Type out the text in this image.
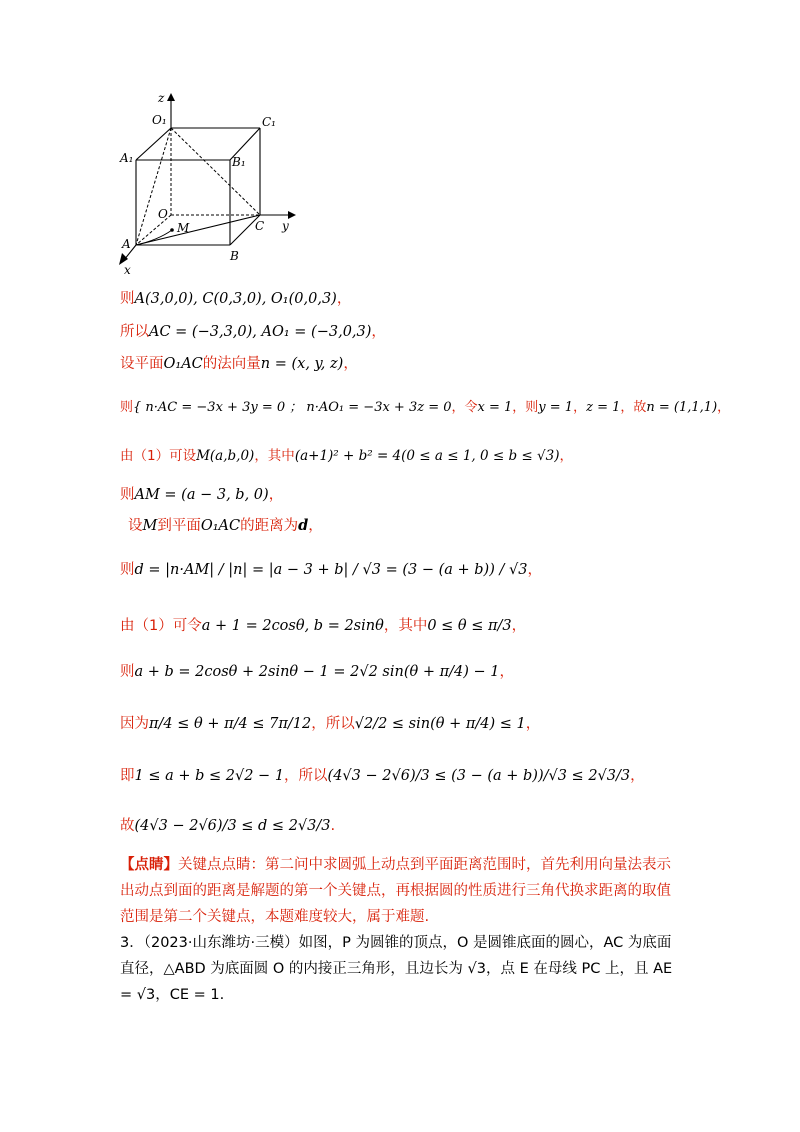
z
O₁	C₁
A₁	B₁
O
M	C y
A
B
x
则A(3,0,0), C(0,3,0), O₁(0,0,3)，
所以AC = (−3,3,0), AO₁ = (−3,0,3)，
设平面O₁AC的法向量n = (x, y, z)，
则{ n·AC = −3x + 3y = 0 ； n·AO₁ = −3x + 3z = 0，令x = 1，则y = 1，z = 1，故n = (1,1,1)，
由（1）可设M(a,b,0)，其中(a+1)² + b² = 4(0 ≤ a ≤ 1, 0 ≤ b ≤ √3)，
则AM = (a − 3, b, 0)，
设M到平面O₁AC的距离为d，
则d = |n·AM| / |n| = |a − 3 + b| / √3 = (3 − (a + b)) / √3，
由（1）可令a + 1 = 2cosθ, b = 2sinθ，其中0 ≤ θ ≤ π/3，
则a + b = 2cosθ + 2sinθ − 1 = 2√2 sin(θ + π/4) − 1，
因为π/4 ≤ θ + π/4 ≤ 7π/12，所以√2/2 ≤ sin(θ + π/4) ≤ 1，
即1 ≤ a + b ≤ 2√2 − 1，所以(4√3 − 2√6)/3 ≤ (3 − (a + b))/√3 ≤ 2√3/3，
故(4√3 − 2√6)/3 ≤ d ≤ 2√3/3.
【点睛】关键点点睛：第二问中求圆弧上动点到平面距离范围时，首先利用向量法表示出动点到面的距离是解题的第一个关键点，再根据圆的性质进行三角代换求距离的取值范围是第二个关键点，本题难度较大，属于难题.
3．（2023·山东潍坊·三模）如图，P 为圆锥的顶点，O 是圆锥底面的圆心，AC 为底面直径，△ABD 为底面圆 O 的内接正三角形，且边长为 √3，点 E 在母线 PC 上，且 AE = √3，CE = 1.
